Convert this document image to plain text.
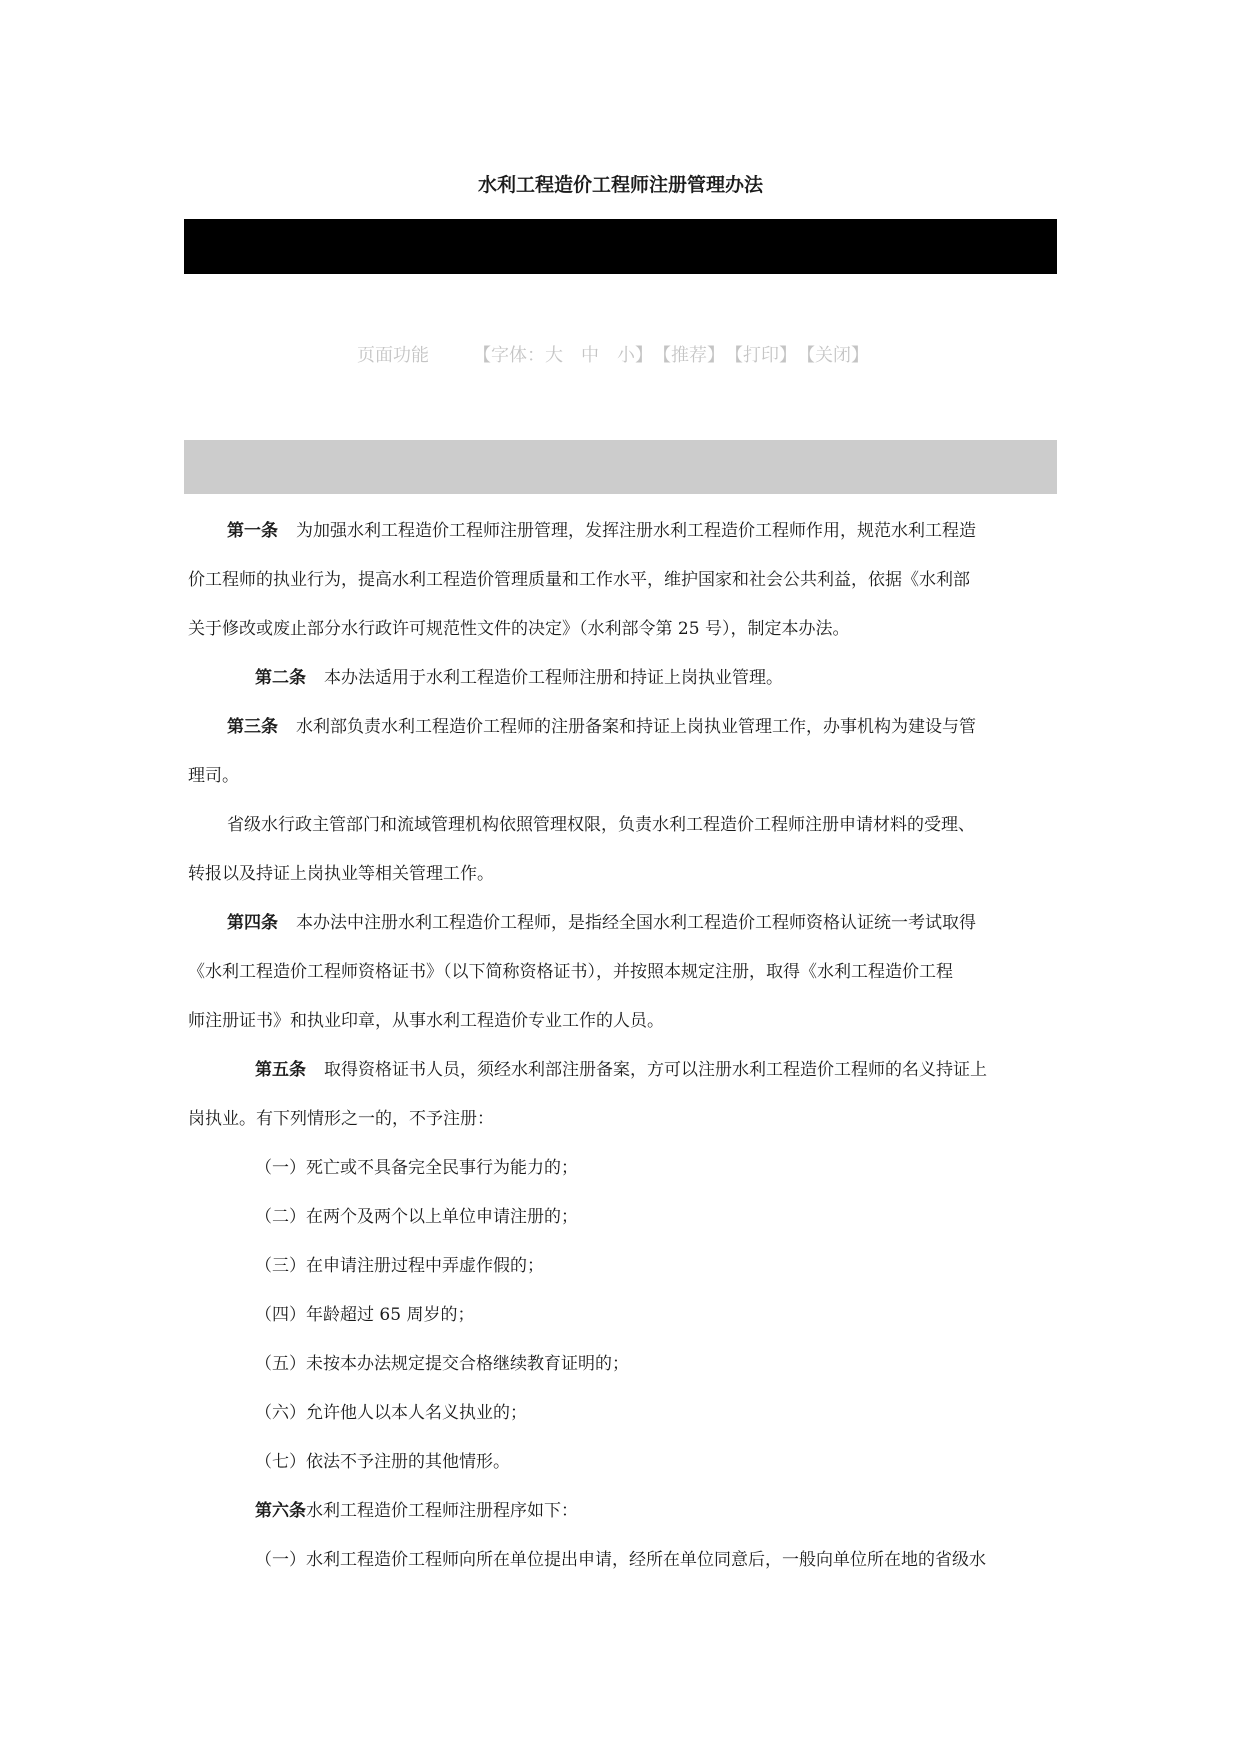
水利工程造价工程师注册管理办法
页面功能 【字体：大 中 小】【推荐】【打印】【关闭】
第一条 为加强水利工程造价工程师注册管理，发挥注册水利工程造价工程师作用，规范水利工程造
价工程师的执业行为，提高水利工程造价管理质量和工作水平，维护国家和社会公共利益，依据《水利部
关于修改或废止部分水行政许可规范性文件的决定》（水利部令第 25 号），制定本办法。
第二条 本办法适用于水利工程造价工程师注册和持证上岗执业管理。
第三条 水利部负责水利工程造价工程师的注册备案和持证上岗执业管理工作，办事机构为建设与管
理司。
省级水行政主管部门和流域管理机构依照管理权限，负责水利工程造价工程师注册申请材料的受理、
转报以及持证上岗执业等相关管理工作。
第四条 本办法中注册水利工程造价工程师，是指经全国水利工程造价工程师资格认证统一考试取得
《水利工程造价工程师资格证书》（以下简称资格证书），并按照本规定注册，取得《水利工程造价工程
师注册证书》和执业印章，从事水利工程造价专业工作的人员。
第五条 取得资格证书人员，须经水利部注册备案，方可以注册水利工程造价工程师的名义持证上
岗执业。有下列情形之一的，不予注册：
（一）死亡或不具备完全民事行为能力的；
（二）在两个及两个以上单位申请注册的；
（三）在申请注册过程中弄虚作假的；
（四）年龄超过 65 周岁的；
（五）未按本办法规定提交合格继续教育证明的；
（六）允许他人以本人名义执业的；
（七）依法不予注册的其他情形。
第六条水利工程造价工程师注册程序如下：
（一）水利工程造价工程师向所在单位提出申请，经所在单位同意后，一般向单位所在地的省级水
